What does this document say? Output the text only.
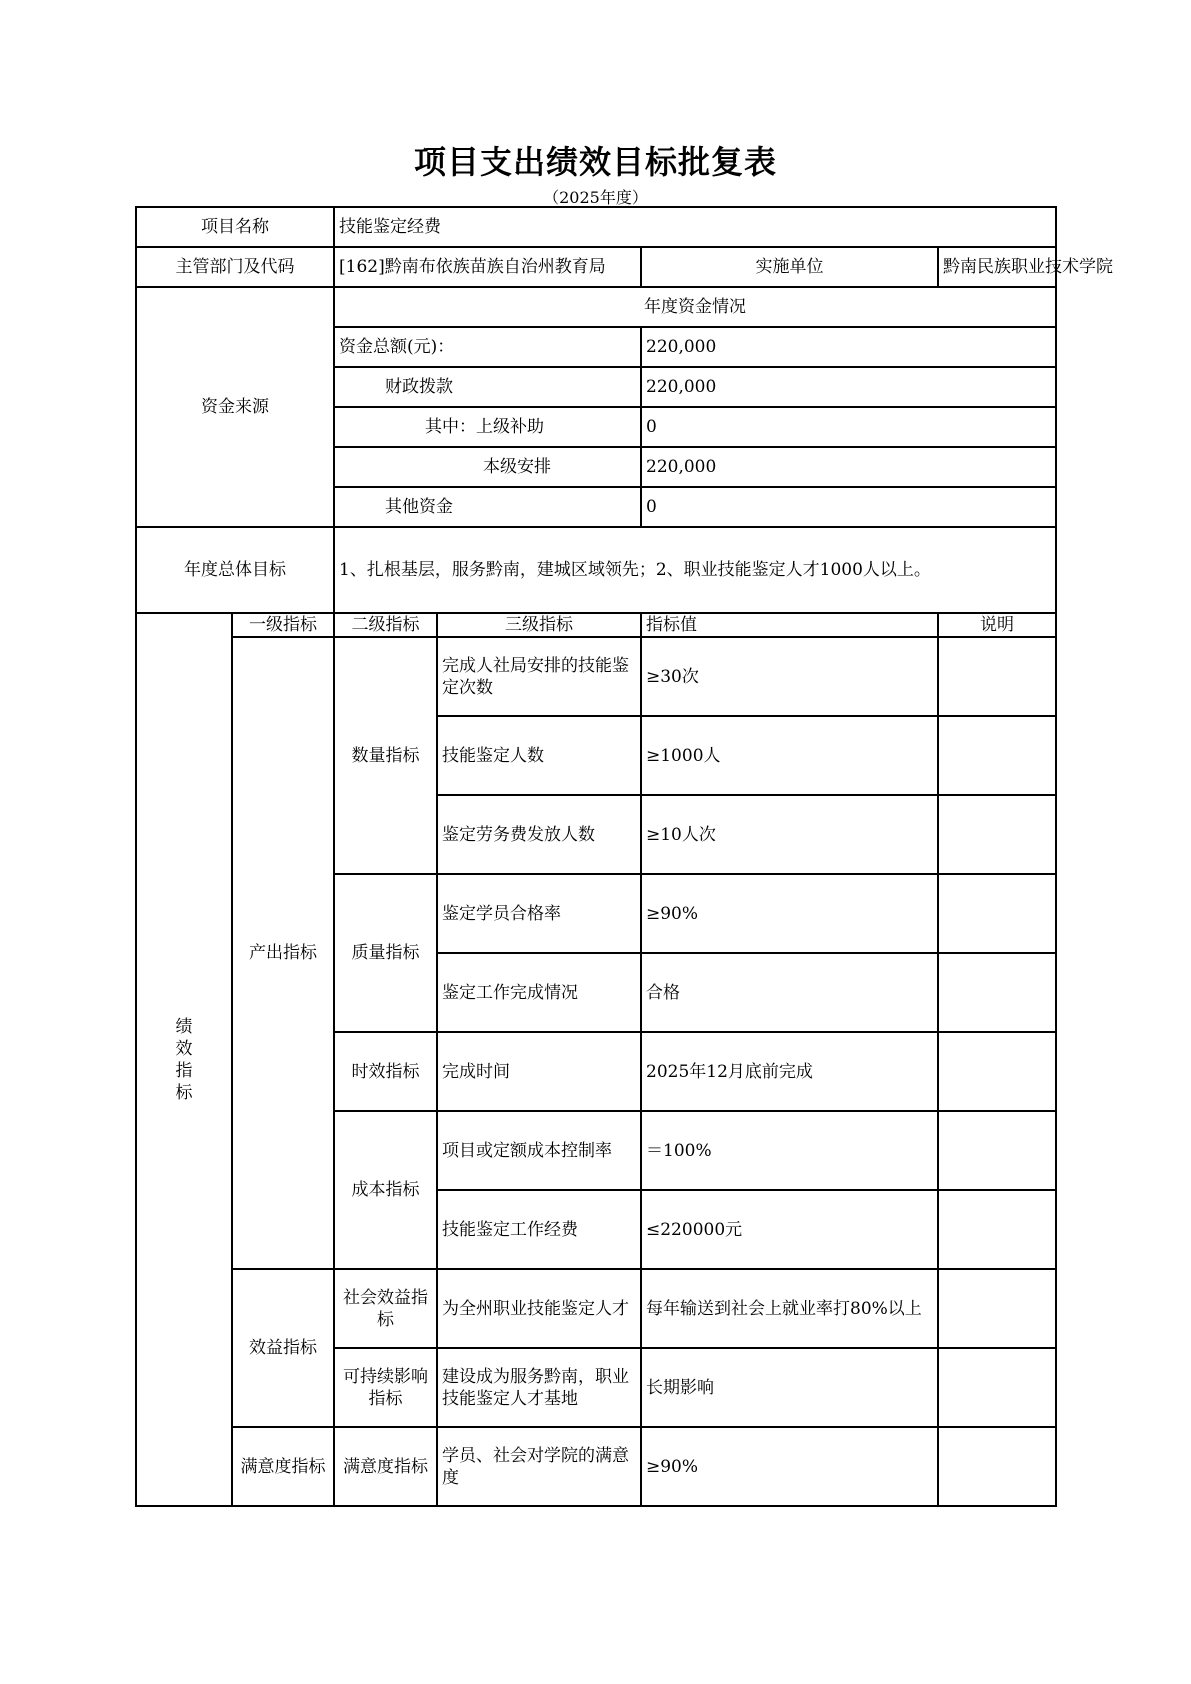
项目支出绩效目标批复表
（2025年度）
项目名称		技能鉴定经费			
主管部门及代码		[162]黔南布依族苗族自治州教育局		实施单位	黔南民族职业技术学院
资金来源		年度资金情况			
		资金总额(元)：		220,000	
		财政拨款		220,000	
		其中：上级补助		0	
		本级安排		220,000	
		其他资金		0	
年度总体目标		1、扎根基层，服务黔南，建城区域领先；2、职业技能鉴定人才1000人以上。			
绩
效
指
标	一级指标	二级指标	三级指标	指标值	说明
	产出指标	数量指标	完成人社局安排的技能鉴定次数	≥30次	
			技能鉴定人数	≥1000人	
			鉴定劳务费发放人数	≥10人次	
		质量指标	鉴定学员合格率	≥90%	
			鉴定工作完成情况	合格	
		时效指标	完成时间	2025年12月底前完成	
		成本指标	项目或定额成本控制率	＝100%	
			技能鉴定工作经费	≤220000元	
	效益指标	社会效益指标	为全州职业技能鉴定人才	每年输送到社会上就业率打80%以上	
		可持续影响指标	建设成为服务黔南，职业技能鉴定人才基地	长期影响	
	满意度指标	满意度指标	学员、社会对学院的满意度	≥90%	
